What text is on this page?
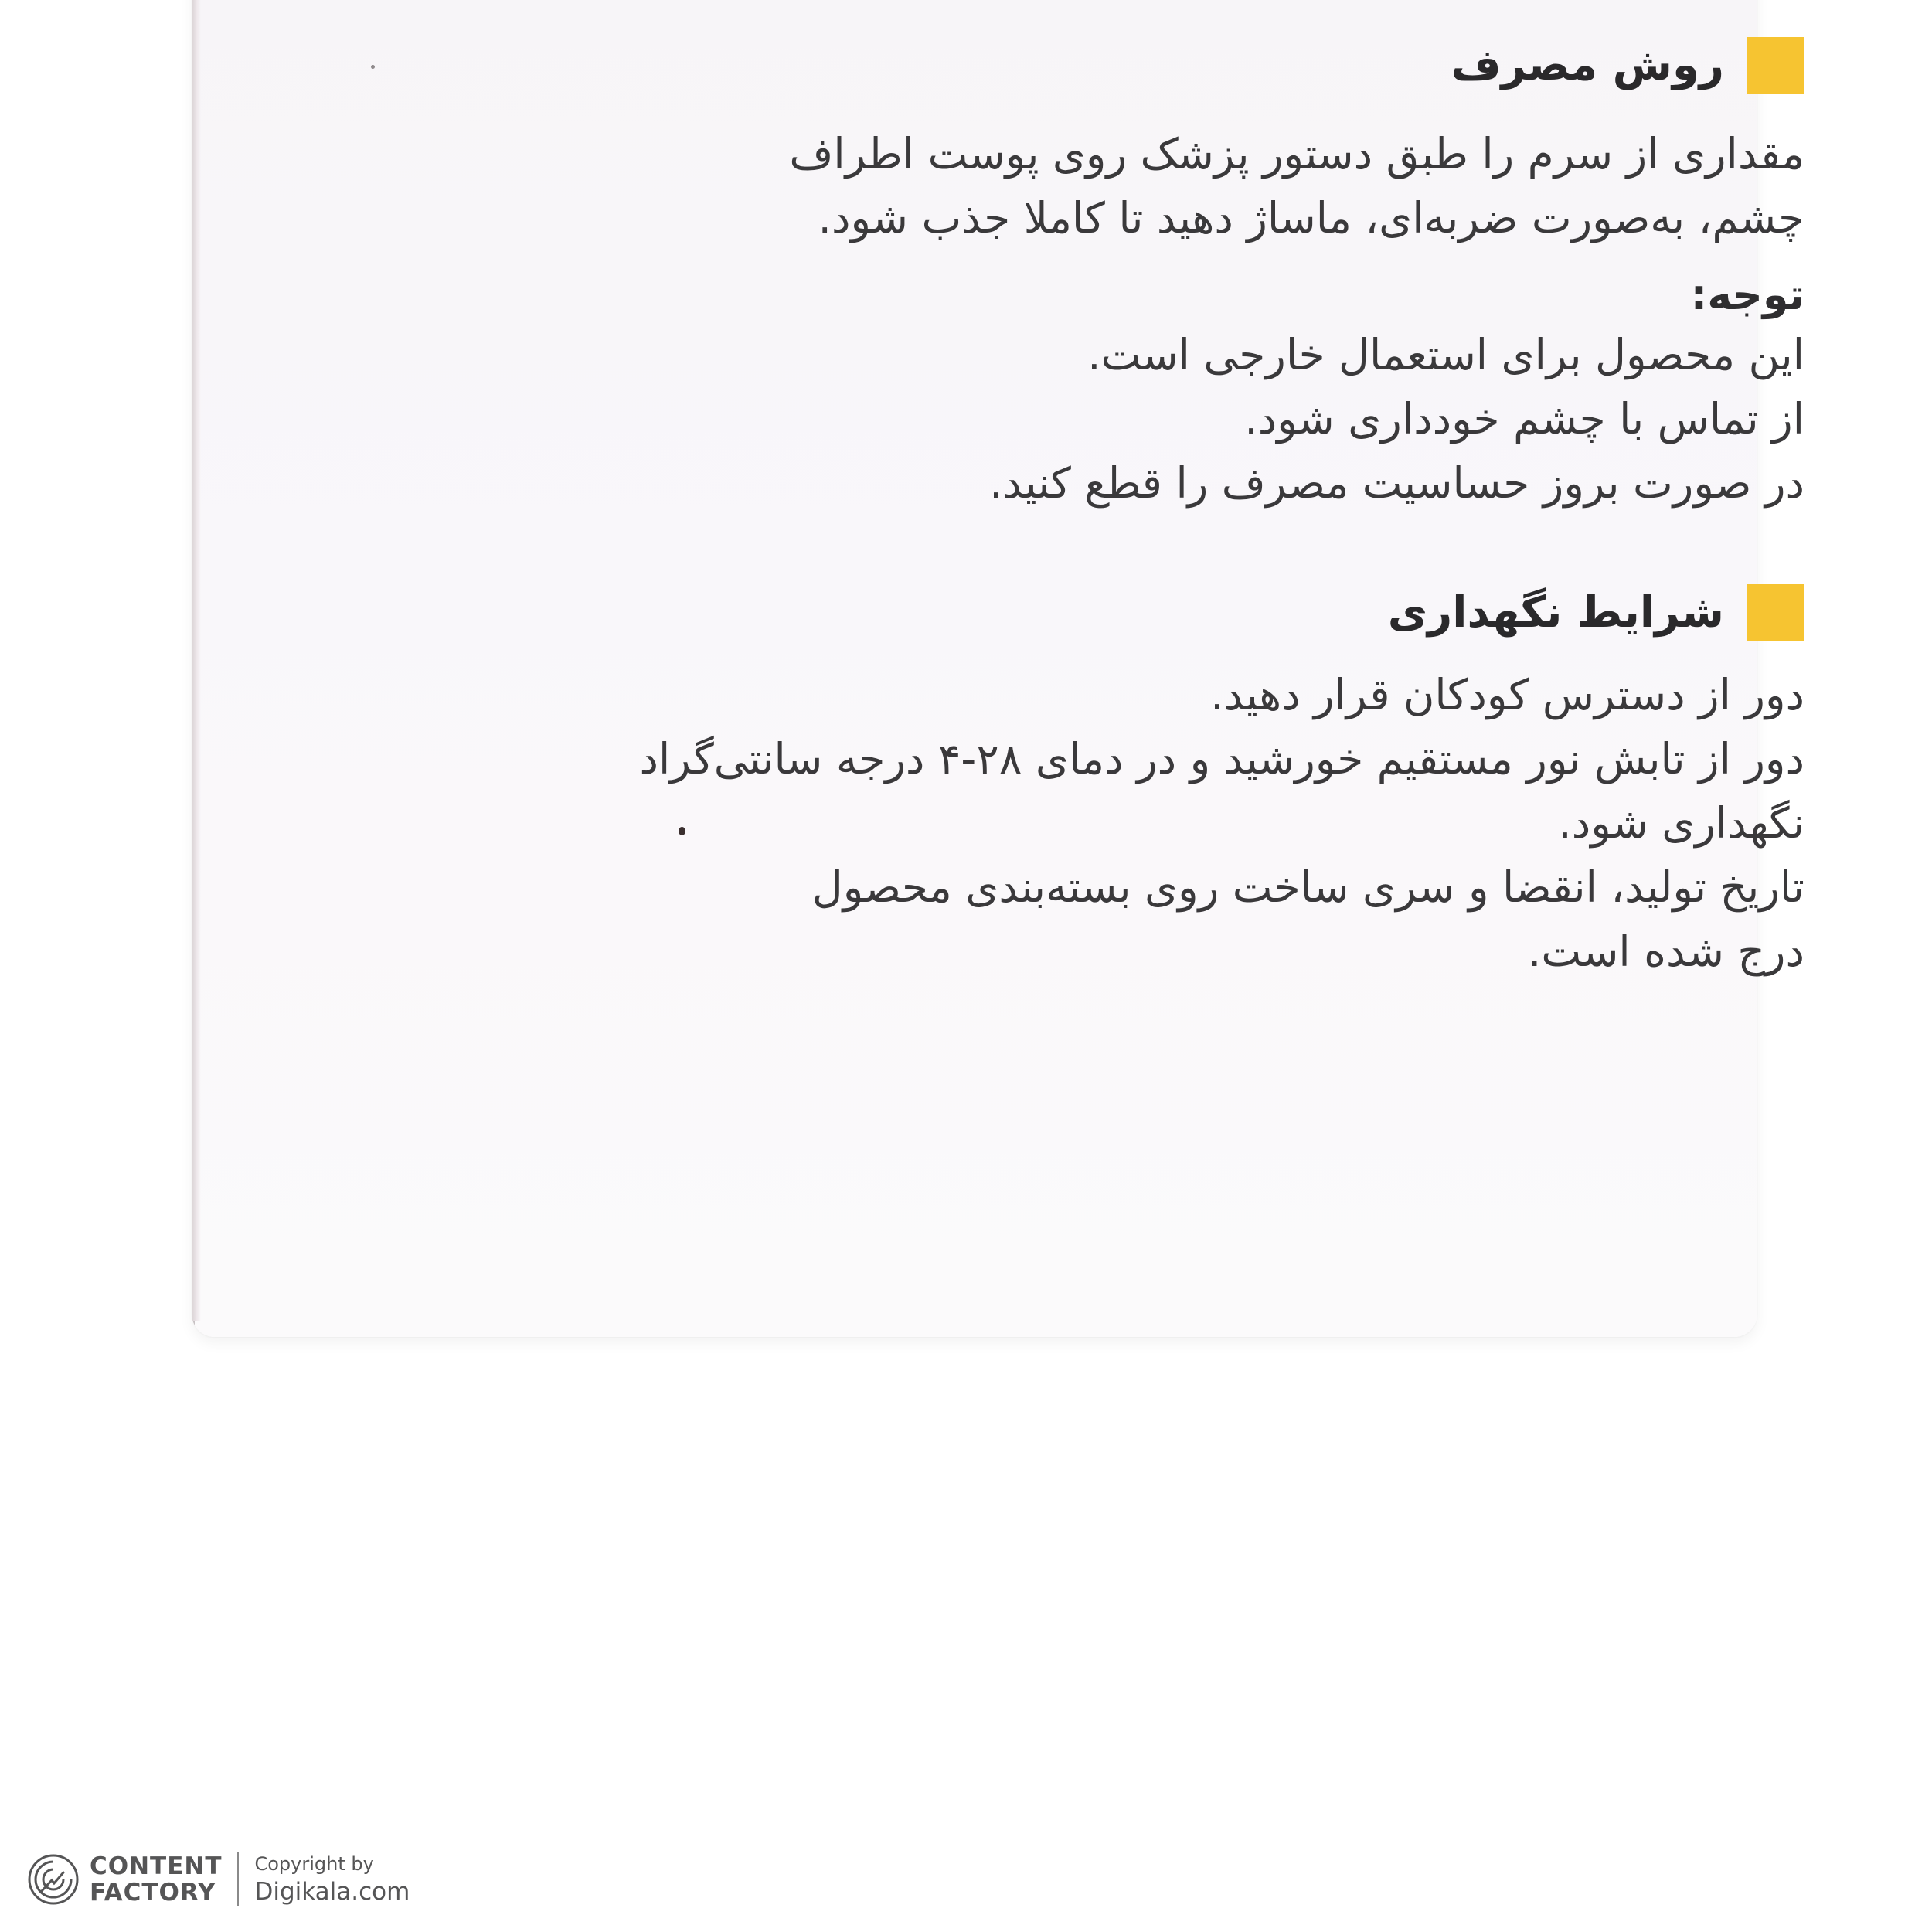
روش مصرف
مقداری از سرم را طبق دستور پزشک روی پوست اطراف
چشم، به‌صورت ضربه‌ای، ماساژ دهید تا کاملا جذب شود.
توجه:
این محصول برای استعمال خارجی است.
از تماس با چشم خودداری شود.
در صورت بروز حساسیت مصرف را قطع کنید.
شرایط نگهداری
دور از دسترس کودکان قرار دهید.
دور از تابش نور مستقیم خورشید و در دمای ۲۸-۴ درجه سانتی‌گراد
نگهداری شود.
تاریخ تولید، انقضا و سری ساخت روی بسته‌بندی محصول
درج شده است.
CONTENT
FACTORY
Copyright by
Digikala.com
